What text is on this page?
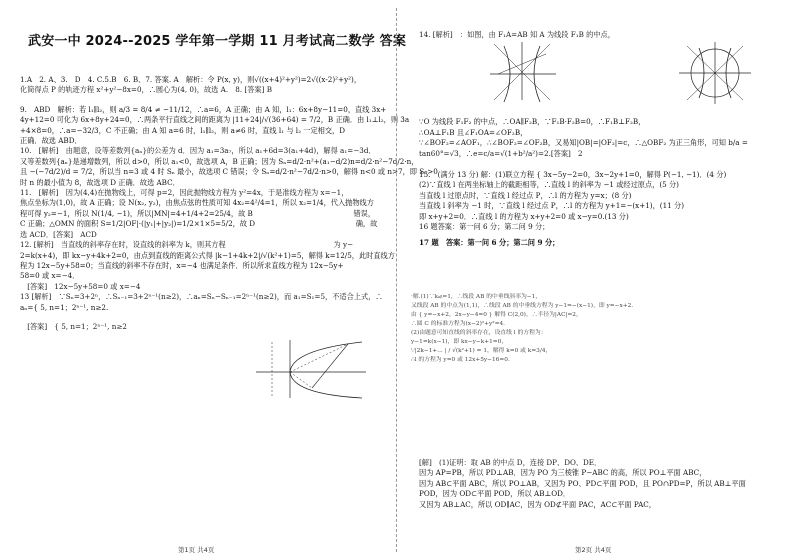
武安一中 2024--2025 学年第一学期 11 月考试高二数学 答案
1.A　2. A、3.　D　4. C.5.B　6. B、7. 答案. A　解析：令 P(x, y)，则√((x+4)²+y²)=2√((x-2)²+y²)，
化简得点 P 的轨迹方程 x²+y²−8x=0，∴圆心为(4, 0)，故选 A.　8. [答案] B
9.　ABD　解析：若 l₁∥l₂，则 a/3 = 8/4 ≠ −11/12，∴a=6，A 正确；由 A 知，l₁：6x+8y−11=0，直线 3x+
4y+12=0 可化为 6x+8y+24=0，∴两条平行直线之间的距离为 |11+24|/√(36+64) = 7/2，B 正确．由 l₁⊥l₂，则 3a
+4×8=0，∴a=−32/3，C 不正确；由 A 知 a=6 时，l₁∥l₂，则 a≠6 时，直线 l₁ 与 l₂ 一定相交，D
正确．故选 ABD．
10.　[解析]　由题意，设等差数列{aₙ}的公差为 d．因为 a₁=3a₇，所以 a₁+6d=3(a₁+4d)，解得 a₁=−3d．
又等差数列{aₙ}是递增数列，所以 d>0，所以 a₁<0，故选项 A，B 正确；因为 Sₙ=d/2·n²+(a₁−d/2)n=d/2·n²−7d/2·n，
且 −(−7d/2)/d = 7/2，所以当 n=3 或 4 时 Sₙ 最小，故选项 C 错误；令 Sₙ=d/2·n²−7d/2·n>0，解得 n<0 或 n>7，即 Sₙ>0
时 n 的最小值为 8，故选项 D 正确．故选 ABC．
11.　[解析]　因为(4,4)在抛物线上，可得 p=2，因此抛物线方程为 y²=4x，于是准线方程为 x=−1，
焦点坐标为(1,0)，故 A 正确；设 N(x₂, y₂)，由焦点弦的性质可知 4x₂=4²/4=1，所以 x₂=1/4，代入抛物线方
程可得 y₂=−1，所以 N(1/4, −1)，所以|MN|=4+1/4+2=25/4，故 B　　　　　　　　　　　　　　错误，
C 正确；△OMN 的面积 S=1/2|OF|·(|y₁|+|y₂|)=1/2×1×5=5/2，故 D　　　　　　　　　　　　　　确，故
选 ACD．[答案]　ACD
12. [解析]　当直线的斜率存在时，设直线的斜率为 k，则其方程　　　　　　　　　　　　　　　为 y−
2=k(x+4)，即 kx−y+4k+2=0，由点到直线的距离公式得 |k−1+4k+2|/√(k²+1)=5，解得 k=12/5，此时直线方
程为 12x−5y+58=0；当直线的斜率不存在时，x=−4 也满足条件．所以所求直线方程为 12x−5y+
58=0 或 x=−4．
　[答案]　12x−5y+58=0 或 x=−4
13 [解析]　∵Sₙ=3+2ⁿ，∴Sₙ₋₁=3+2ⁿ⁻¹(n≥2)，∴aₙ=Sₙ−Sₙ₋₁=2ⁿ⁻¹(n≥2)，而 a₁=S₁=5，不适合上式，∴
aₙ={ 5, n=1；2ⁿ⁻¹, n≥2.
　[答案]　{ 5, n=1；2ⁿ⁻¹, n≥2
14. [解析]　：如图，由 F₁A=AB 知 A 为线段 F₁B 的中点，
∵O 为线段 F₁F₂ 的中点，∴OA∥F₂B，∵F₁B·F₂B=0，∴F₁B⊥F₂B，
∴OA⊥F₁B 且∠F₁OA=∠OF₂B，
∵∠BOF₂=∠AOF₁，∴∠BOF₂=∠OF₂B，又易知|OB|=|OF₂|=c，∴△OBF₂ 为正三角形，可知 b/a =
tan60°=√3，∴e=c/a=√(1+b²/a²)=2.[答案]　2
15.　(满分 13 分) 解：(1)联立方程 { 3x−5y−2=0，3x−2y+1=0，解得 P(−1, −1)．(4 分)
(2)∵直线 l 在两坐标轴上的截距相等，∴直线 l 的斜率为 −1 或经过原点，(5 分)
当直线 l 过原点时，∵直线 l 经过点 P，∴l 的方程为 y=x；(8 分)
当直线 l 斜率为 −1 时，∵直线 l 经过点 P，∴l 的方程为 y+1=−(x+1)，(11 分)
即 x+y+2=0．∴直线 l 的方程为 x+y+2=0 或 x−y=0.(13 分)
16 题答案：第一问 6 分；第二问 9 分；
17 题　答案：第一问 6 分；第二问 9 分；
·解.(1)∵kₐᵦ=1，∴线段 AB 的中垂线斜率为−1，
又线段 AB 的中点为(1,1)，∴线段 AB 的中垂线方程为 y−1=−(x−1)，即 y=−x+2.
由 { y=−x+2，2x−y−4=0 } 解得 C(2,0)，∴半径为|AC|=2，
∴圆 C 的标准方程为(x−2)²+y²=4．
(2)由题意可知直线的斜率存在，设直线 l 的方程为：
y−1=k(x−1)，即 kx−y−k+1=0，
∵|2k−1+... | / √(k²+1) = 1，解得 k=0 或 k=3/4，
∴l 的方程为 y=0 或 12x+5y−16=0．
[解]　(1)证明：取 AB 的中点 D，连接 DP、DO、DE．
因为 AP=PB，所以 PD⊥AB．因为 PO 为三棱锥 P−ABC 的高，所以 PO⊥平面 ABC，
因为 AB⊂平面 ABC，所以 PO⊥AB，又因为 PO、PD⊂平面 POD，且 PO∩PD=P，所以 AB⊥平面
POD，因为 OD⊂平面 POD，所以 AB⊥OD．
又因为 AB⊥AC，所以 OD∥AC，因为 OD⊄平面 PAC，AC⊂平面 PAC，
第1页 共4页	第2页 共4页
